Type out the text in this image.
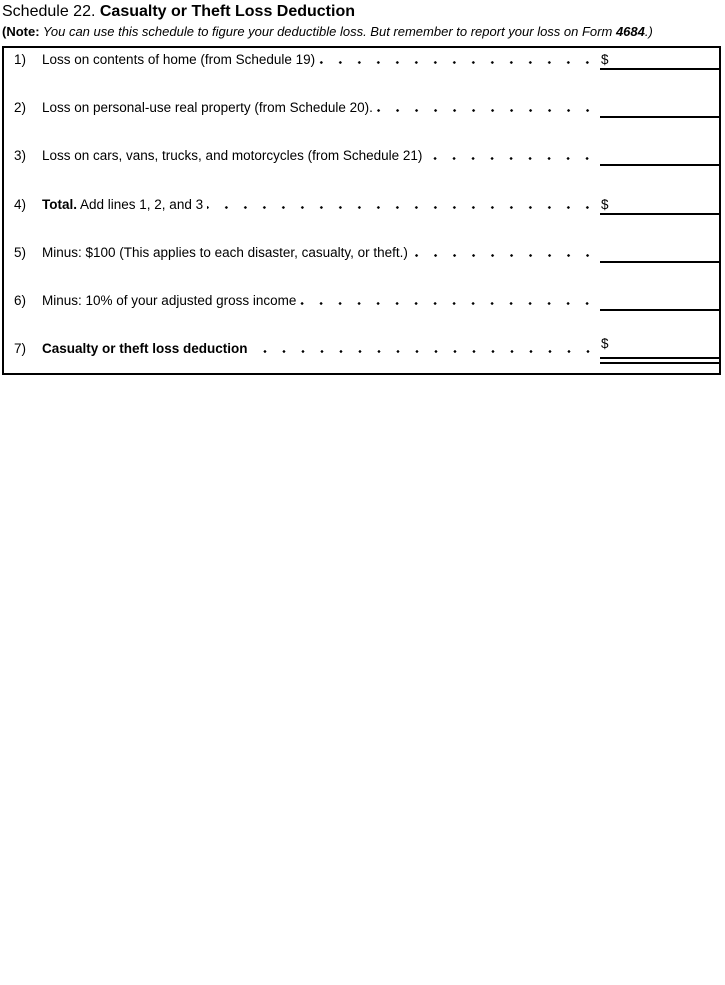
Schedule 22. Casualty or Theft Loss Deduction
(Note: You can use this schedule to figure your deductible loss. But remember to report your loss on Form 4684.)
1)	Loss on contents of home (from Schedule 19)	$
2)	Loss on personal-use real property (from Schedule 20).
3)	Loss on cars, vans, trucks, and motorcycles (from Schedule 21)
4)	Total. Add lines 1, 2, and 3	$
5)	Minus: $100 (This applies to each disaster, casualty, or theft.)
6)	Minus: 10% of your adjusted gross income
7)	Casualty or theft loss deduction	$
